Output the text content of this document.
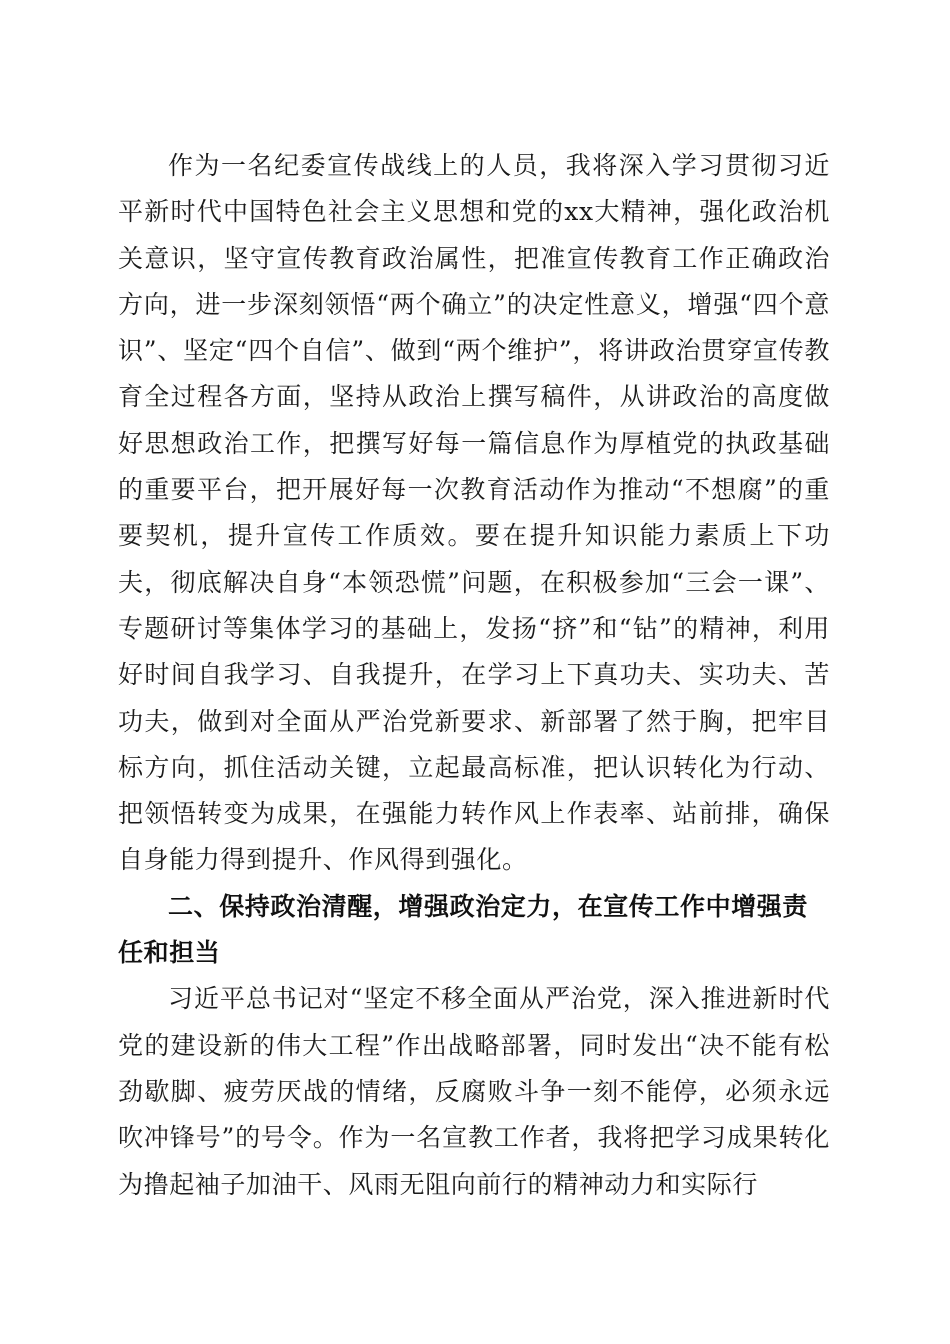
作为一名纪委宣传战线上的人员，我将深入学习贯彻习近平新时代中国特色社会主义思想和党的xx大精神，强化政治机关意识，坚守宣传教育政治属性，把准宣传教育工作正确政治方向，进一步深刻领悟“两个确立”的决定性意义，增强“四个意识”、坚定“四个自信”、做到“两个维护”，将讲政治贯穿宣传教育全过程各方面，坚持从政治上撰写稿件，从讲政治的高度做好思想政治工作，把撰写好每一篇信息作为厚植党的执政基础的重要平台，把开展好每一次教育活动作为推动“不想腐”的重要契机，提升宣传工作质效。要在提升知识能力素质上下功夫，彻底解决自身“本领恐慌”问题，在积极参加“三会一课”、专题研讨等集体学习的基础上，发扬“挤”和“钻”的精神，利用好时间自我学习、自我提升，在学习上下真功夫、实功夫、苦功夫，做到对全面从严治党新要求、新部署了然于胸，把牢目标方向，抓住活动关键，立起最高标准，把认识转化为行动、把领悟转变为成果，在强能力转作风上作表率、站前排，确保自身能力得到提升、作风得到强化。

二、保持政治清醒，增强政治定力，在宣传工作中增强责任和担当

习近平总书记对“坚定不移全面从严治党，深入推进新时代党的建设新的伟大工程”作出战略部署，同时发出“决不能有松劲歇脚、疲劳厌战的情绪，反腐败斗争一刻不能停，必须永远吹冲锋号”的号令。作为一名宣教工作者，我将把学习成果转化为撸起袖子加油干、风雨无阻向前行的精神动力和实际行
